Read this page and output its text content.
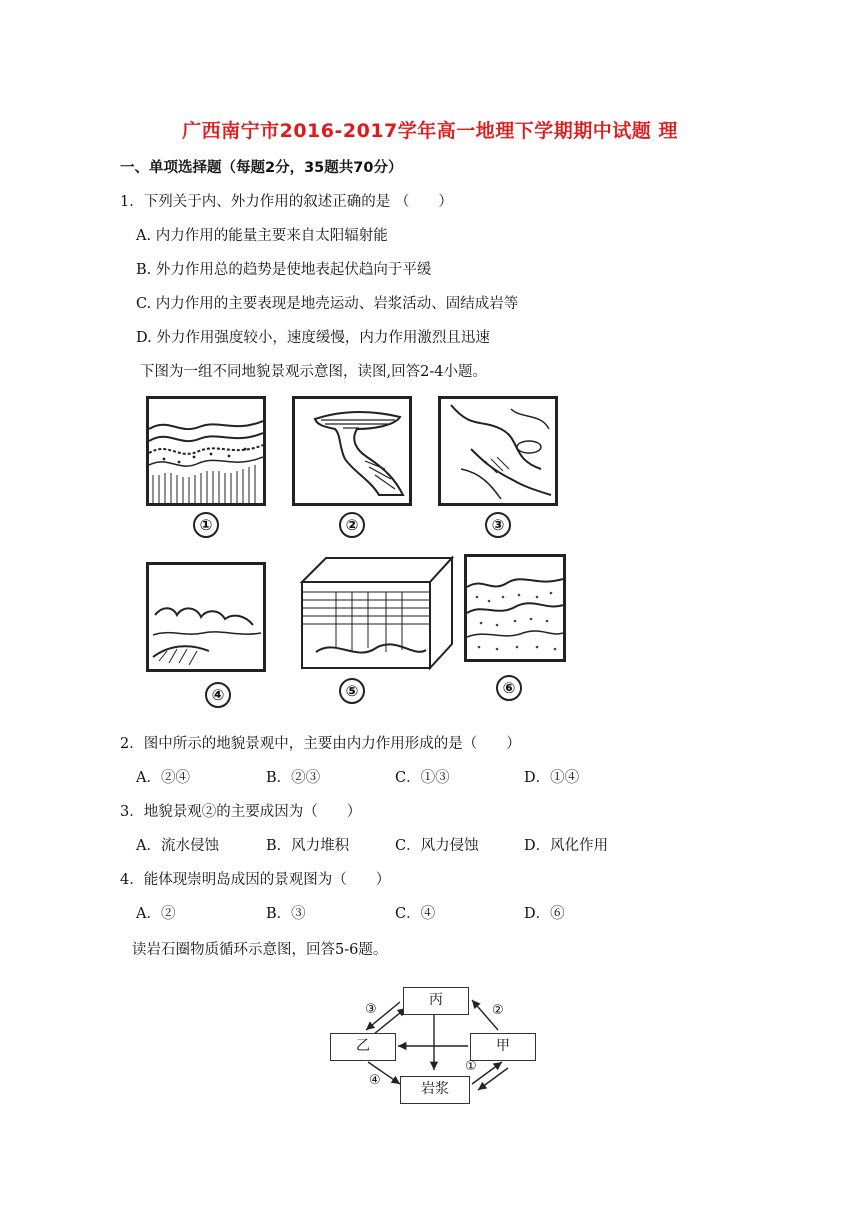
广西南宁市2016-2017学年高一地理下学期期中试题 理
一、单项选择题（每题2分，35题共70分）
1．下列关于内、外力作用的叙述正确的是 （　　）
A. 内力作用的能量主要来自太阳辐射能
B. 外力作用总的趋势是使地表起伏趋向于平缓
C. 内力作用的主要表现是地壳运动、岩浆活动、固结成岩等
D. 外力作用强度较小，速度缓慢，内力作用激烈且迅速
下图为一组不同地貌景观示意图，读图,回答2-4小题。
①	②	③
④	⑤	⑥
2．图中所示的地貌景观中，主要由内力作用形成的是（　　）
A．②④	B．②③	C．①③	D．①④
3．地貌景观②的主要成因为（　　）
A．流水侵蚀	B．风力堆积	C．风力侵蚀	D．风化作用
4．能体现崇明岛成因的景观图为（　　）
A．②	B．③	C．④	D．⑥
读岩石圈物质循环示意图，回答5-6题。
丙
乙	甲
岩浆
③	②
④
①
